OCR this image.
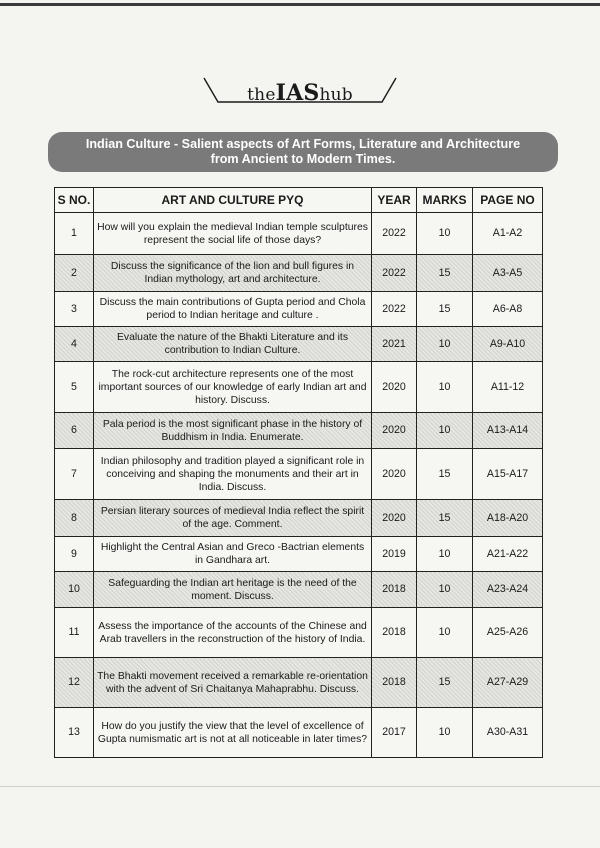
theIAShub
Indian Culture - Salient aspects of Art Forms, Literature and Architecture
from Ancient to Modern Times.
S NO.	ART AND CULTURE PYQ	YEAR	MARKS	PAGE NO
1	How will you explain the medieval Indian temple sculptures represent the social life of those days?	2022	10	A1-A2
2	Discuss the significance of the lion and bull figures in Indian mythology, art and architecture.	2022	15	A3-A5
3	Discuss the main contributions of Gupta period and Chola period to Indian heritage and culture .	2022	15	A6-A8
4	Evaluate the nature of the Bhakti Literature and its contribution to Indian Culture.	2021	10	A9-A10
5	The rock-cut architecture represents one of the most important sources of our knowledge of early Indian art and history. Discuss.	2020	10	A11-12
6	Pala period is the most significant phase in the history of Buddhism in India. Enumerate.	2020	10	A13-A14
7	Indian philosophy and tradition played a significant role in conceiving and shaping the monuments and their art in India. Discuss.	2020	15	A15-A17
8	Persian literary sources of medieval India reflect the spirit of the age. Comment.	2020	15	A18-A20
9	Highlight the Central Asian and Greco -Bactrian elements in Gandhara art.	2019	10	A21-A22
10	Safeguarding the Indian art heritage is the need of the moment. Discuss.	2018	10	A23-A24
11	Assess the importance of the accounts of the Chinese and Arab travellers in the reconstruction of the history of India.	2018	10	A25-A26
12	The Bhakti movement received a remarkable re-orientation with the advent of Sri Chaitanya Mahaprabhu. Discuss.	2018	15	A27-A29
13	How do you justify the view that the level of excellence of Gupta numismatic art is not at all noticeable in later times?	2017	10	A30-A31
